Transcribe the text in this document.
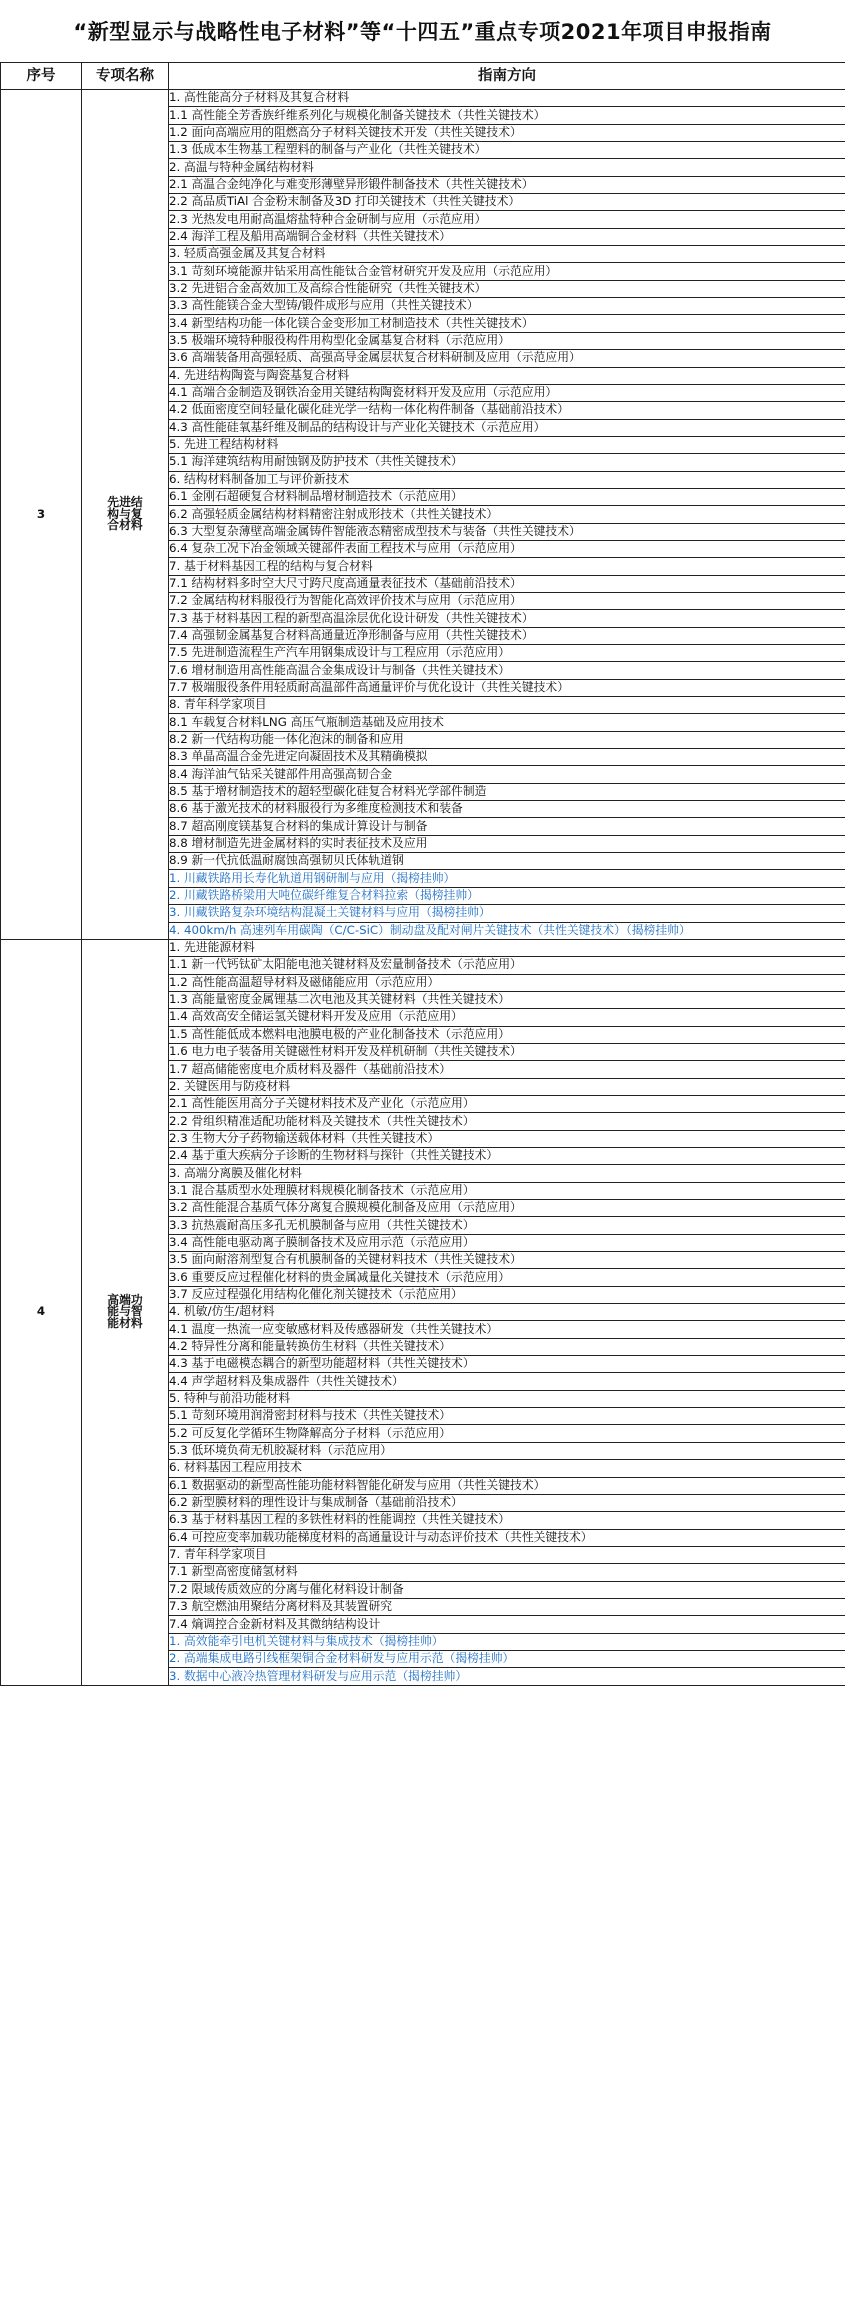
“新型显示与战略性电子材料”等“十四五”重点专项2021年项目申报指南
序号	专项名称	指南方向
3	先进结
构与复
合材料	1. 高性能高分子材料及其复合材料
		1.1 高性能全芳香族纤维系列化与规模化制备关键技术（共性关键技术）
		1.2 面向高端应用的阻燃高分子材料关键技术开发（共性关键技术）
		1.3 低成本生物基工程塑料的制备与产业化（共性关键技术）
		2. 高温与特种金属结构材料
		2.1 高温合金纯净化与难变形薄壁异形锻件制备技术（共性关键技术）
		2.2 高品质TiAl 合金粉末制备及3D 打印关键技术（共性关键技术）
		2.3 光热发电用耐高温熔盐特种合金研制与应用（示范应用）
		2.4 海洋工程及船用高端铜合金材料（共性关键技术）
		3. 轻质高强金属及其复合材料
		3.1 苛刻环境能源井钻采用高性能钛合金管材研究开发及应用（示范应用）
		3.2 先进铝合金高效加工及高综合性能研究（共性关键技术）
		3.3 高性能镁合金大型铸/锻件成形与应用（共性关键技术）
		3.4 新型结构功能一体化镁合金变形加工材制造技术（共性关键技术）
		3.5 极端环境特种服役构件用构型化金属基复合材料（示范应用）
		3.6 高端装备用高强轻质、高强高导金属层状复合材料研制及应用（示范应用）
		4. 先进结构陶瓷与陶瓷基复合材料
		4.1 高端合金制造及钢铁冶金用关键结构陶瓷材料开发及应用（示范应用）
		4.2 低面密度空间轻量化碳化硅光学一结构一体化构件制备（基础前沿技术）
		4.3 高性能硅氧基纤维及制品的结构设计与产业化关键技术（示范应用）
		5. 先进工程结构材料
		5.1 海洋建筑结构用耐蚀钢及防护技术（共性关键技术）
		6. 结构材料制备加工与评价新技术
		6.1 金刚石超硬复合材料制品增材制造技术（示范应用）
		6.2 高强轻质金属结构材料精密注射成形技术（共性关键技术）
		6.3 大型复杂薄壁高端金属铸件智能液态精密成型技术与装备（共性关键技术）
		6.4 复杂工况下冶金领域关键部件表面工程技术与应用（示范应用）
		7. 基于材料基因工程的结构与复合材料
		7.1 结构材料多时空大尺寸跨尺度高通量表征技术（基础前沿技术）
		7.2 金属结构材料服役行为智能化高效评价技术与应用（示范应用）
		7.3 基于材料基因工程的新型高温涂层优化设计研发（共性关键技术）
		7.4 高强韧金属基复合材料高通量近净形制备与应用（共性关键技术）
		7.5 先进制造流程生产汽车用钢集成设计与工程应用（示范应用）
		7.6 增材制造用高性能高温合金集成设计与制备（共性关键技术）
		7.7 极端服役条件用轻质耐高温部件高通量评价与优化设计（共性关键技术）
		8. 青年科学家项目
		8.1 车载复合材料LNG 高压气瓶制造基础及应用技术
		8.2 新一代结构功能一体化泡沫的制备和应用
		8.3 单晶高温合金先进定向凝固技术及其精确模拟
		8.4 海洋油气钻采关键部件用高强高韧合金
		8.5 基于增材制造技术的超轻型碳化硅复合材料光学部件制造
		8.6 基于激光技术的材料服役行为多维度检测技术和装备
		8.7 超高刚度镁基复合材料的集成计算设计与制备
		8.8 增材制造先进金属材料的实时表征技术及应用
		8.9 新一代抗低温耐腐蚀高强韧贝氏体轨道钢
		1. 川藏铁路用长寿化轨道用钢研制与应用（揭榜挂帅）
		2. 川藏铁路桥梁用大吨位碳纤维复合材料拉索（揭榜挂帅）
		3. 川藏铁路复杂环境结构混凝土关键材料与应用（揭榜挂帅）
		4. 400km/h 高速列车用碳陶（C/C-SiC）制动盘及配对闸片关键技术（共性关键技术）（揭榜挂帅）
4	高端功
能与智
能材料	1. 先进能源材料
		1.1 新一代钙钛矿太阳能电池关键材料及宏量制备技术（示范应用）
		1.2 高性能高温超导材料及磁储能应用（示范应用）
		1.3 高能量密度金属锂基二次电池及其关键材料（共性关键技术）
		1.4 高效高安全储运氢关键材料开发及应用（示范应用）
		1.5 高性能低成本燃料电池膜电极的产业化制备技术（示范应用）
		1.6 电力电子装备用关键磁性材料开发及样机研制（共性关键技术）
		1.7 超高储能密度电介质材料及器件（基础前沿技术）
		2. 关键医用与防疫材料
		2.1 高性能医用高分子关键材料技术及产业化（示范应用）
		2.2 骨组织精准适配功能材料及关键技术（共性关键技术）
		2.3 生物大分子药物输送载体材料（共性关键技术）
		2.4 基于重大疾病分子诊断的生物材料与探针（共性关键技术）
		3. 高端分离膜及催化材料
		3.1 混合基质型水处理膜材料规模化制备技术（示范应用）
		3.2 高性能混合基质气体分离复合膜规模化制备及应用（示范应用）
		3.3 抗热震耐高压多孔无机膜制备与应用（共性关键技术）
		3.4 高性能电驱动离子膜制备技术及应用示范（示范应用）
		3.5 面向耐溶剂型复合有机膜制备的关键材料技术（共性关键技术）
		3.6 重要反应过程催化材料的贵金属减量化关键技术（示范应用）
		3.7 反应过程强化用结构化催化剂关键技术（示范应用）
		4. 机敏/仿生/超材料
		4.1 温度一热流一应变敏感材料及传感器研发（共性关键技术）
		4.2 特异性分离和能量转换仿生材料（共性关键技术）
		4.3 基于电磁模态耦合的新型功能超材料（共性关键技术）
		4.4 声学超材料及集成器件（共性关键技术）
		5. 特种与前沿功能材料
		5.1 苛刻环境用润滑密封材料与技术（共性关键技术）
		5.2 可反复化学循环生物降解高分子材料（示范应用）
		5.3 低环境负荷无机胶凝材料（示范应用）
		6. 材料基因工程应用技术
		6.1 数据驱动的新型高性能功能材料智能化研发与应用（共性关键技术）
		6.2 新型膜材料的理性设计与集成制备（基础前沿技术）
		6.3 基于材料基因工程的多铁性材料的性能调控（共性关键技术）
		6.4 可控应变率加载功能梯度材料的高通量设计与动态评价技术（共性关键技术）
		7. 青年科学家项目
		7.1 新型高密度储氢材料
		7.2 限域传质效应的分离与催化材料设计制备
		7.3 航空燃油用聚结分离材料及其装置研究
		7.4 熵调控合金新材料及其微纳结构设计
		1. 高效能牵引电机关键材料与集成技术（揭榜挂帅）
		2. 高端集成电路引线框架铜合金材料研发与应用示范（揭榜挂帅）
		3. 数据中心液冷热管理材料研发与应用示范（揭榜挂帅）
